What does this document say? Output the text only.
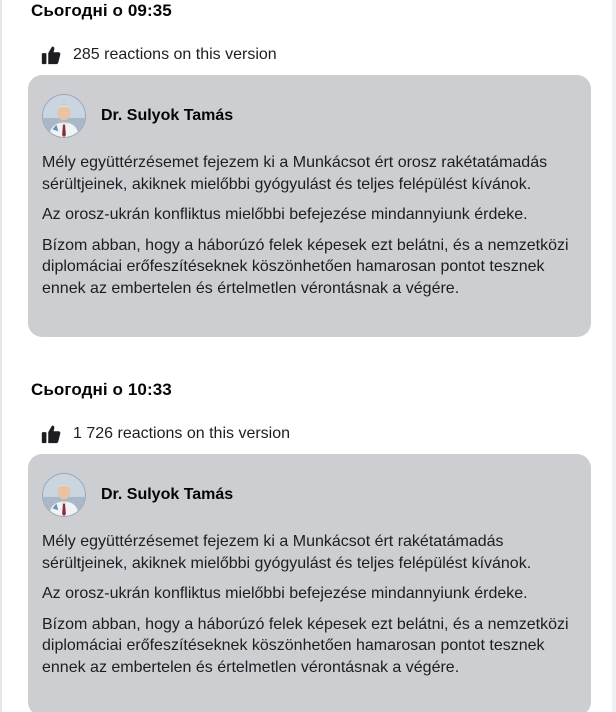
Сьогодні о 09:35
285 reactions on this version
Dr. Sulyok Tamás

Mély együttérzésemet fejezem ki a Munkácsot ért orosz rakétatámadás sérültjeinek, akiknek mielőbbi gyógyulást és teljes felépülést kívánok.

Az orosz-ukrán konfliktus mielőbbi befejezése mindannyiunk érdeke.

Bízom abban, hogy a háborúzó felek képesek ezt belátni, és a nemzetközi diplomáciai erőfeszítéseknek köszönhetően hamarosan pontot tesznek ennek az embertelen és értelmetlen vérontásnak a végére.

Сьогодні о 10:33
1 726 reactions on this version
Dr. Sulyok Tamás

Mély együttérzésemet fejezem ki a Munkácsot ért rakétatámadás sérültjeinek, akiknek mielőbbi gyógyulást és teljes felépülést kívánok.

Az orosz-ukrán konfliktus mielőbbi befejezése mindannyiunk érdeke.

Bízom abban, hogy a háborúzó felek képesek ezt belátni, és a nemzetközi diplomáciai erőfeszítéseknek köszönhetően hamarosan pontot tesznek ennek az embertelen és értelmetlen vérontásnak a végére.
